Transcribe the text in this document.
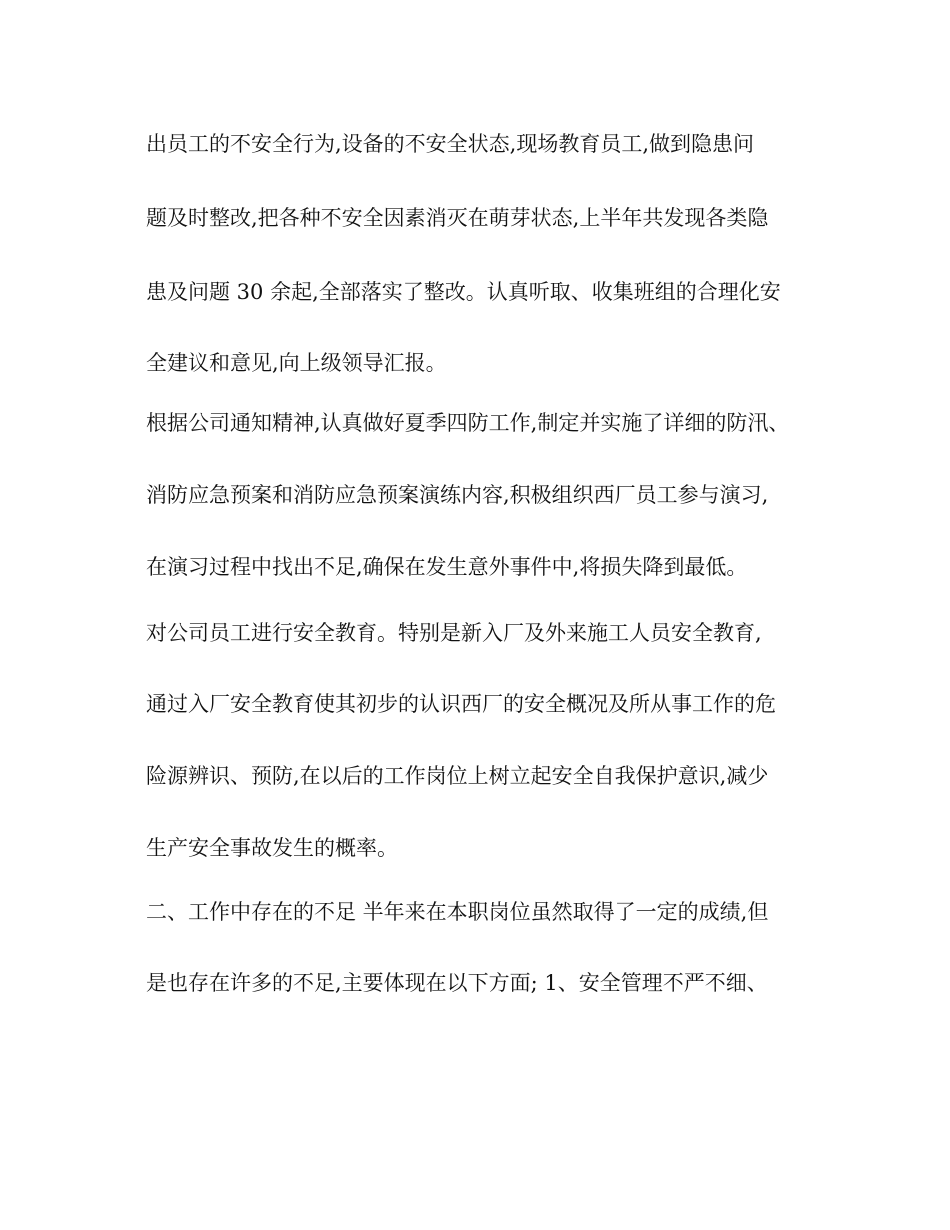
出员工的不安全行为,设备的不安全状态,现场教育员工,做到隐患问

题及时整改,把各种不安全因素消灭在萌芽状态,上半年共发现各类隐

患及问题 30 余起,全部落实了整改。认真听取、收集班组的合理化安

全建议和意见,向上级领导汇报。

根据公司通知精神,认真做好夏季四防工作,制定并实施了详细的防汛、

消防应急预案和消防应急预案演练内容,积极组织西厂员工参与演习,

在演习过程中找出不足,确保在发生意外事件中,将损失降到最低。

对公司员工进行安全教育。特别是新入厂及外来施工人员安全教育,

通过入厂安全教育使其初步的认识西厂的安全概况及所从事工作的危

险源辨识、预防,在以后的工作岗位上树立起安全自我保护意识,减少

生产安全事故发生的概率。

二、工作中存在的不足 半年来在本职岗位虽然取得了一定的成绩,但

是也存在许多的不足,主要体现在以下方面; 1、安全管理不严不细、
